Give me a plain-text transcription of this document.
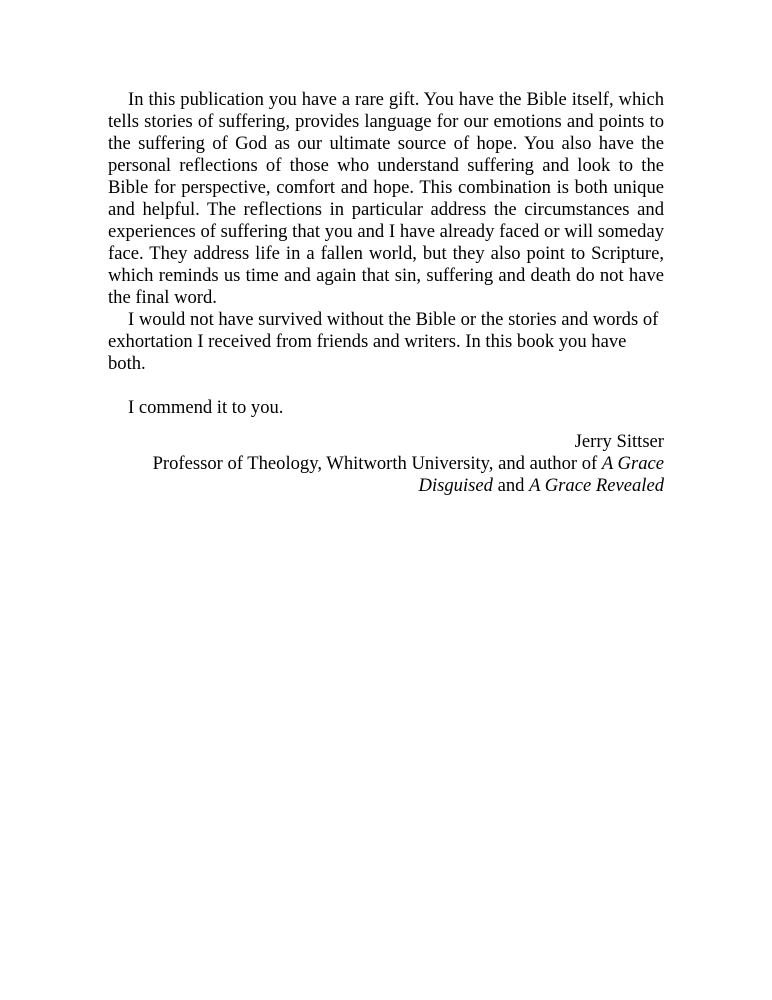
In this publication you have a rare gift. You have the Bible itself, which tells stories of suffering, provides language for our emotions and points to the suffering of God as our ultimate source of hope. You also have the personal reflections of those who understand suffering and look to the Bible for perspective, comfort and hope. This combination is both unique and helpful. The reflections in particular address the circumstances and experiences of suffering that you and I have already faced or will someday face. They address life in a fallen world, but they also point to Scripture, which reminds us time and again that sin, suffering and death do not have the final word.

I would not have survived without the Bible or the stories and words of exhortation I received from friends and writers. In this book you have both.

I commend it to you.

Jerry Sittser
Professor of Theology, Whitworth University, and author of A Grace
Disguised and A Grace Revealed
